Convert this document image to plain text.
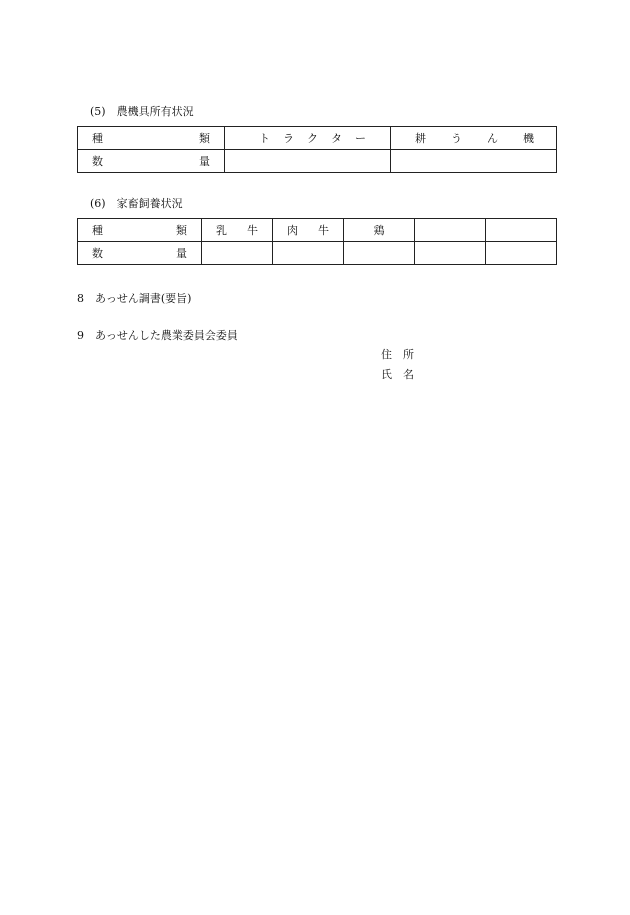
(5)　農機具所有状況
種 類	ト ラ ク タ ー	耕 う ん 機

数 量		

(6)　家畜飼養状況
種 類	乳 牛	肉 牛	鶏		

数 量					

8　あっせん調書(要旨)
9　あっせんした農業委員会委員
住　所
氏　名
